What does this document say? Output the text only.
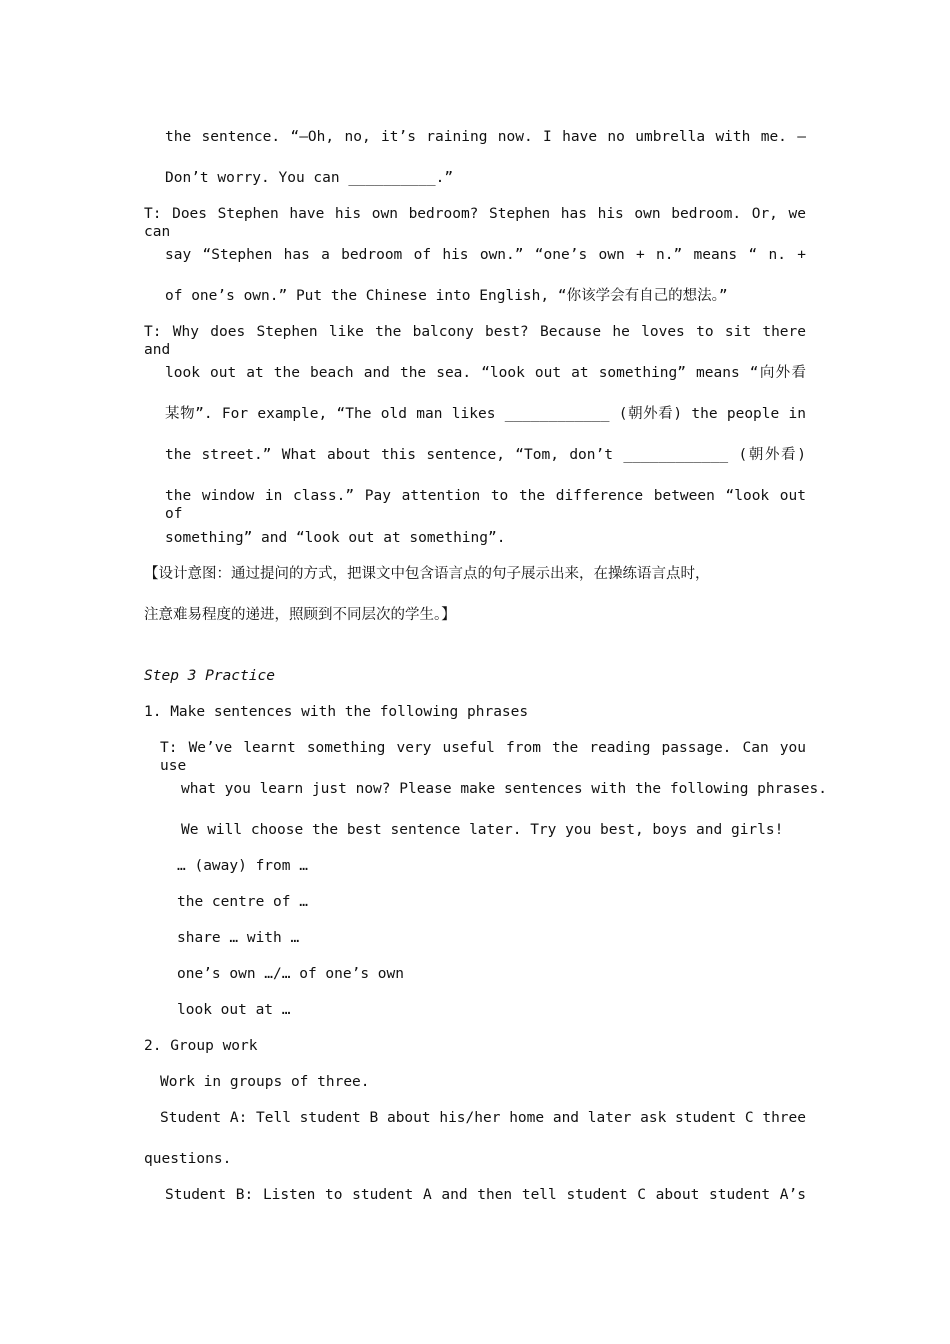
the sentence. “—Oh, no, it’s raining now. I have no umbrella with me. —
Don’t worry. You can __________.”
T: Does Stephen have his own bedroom? Stephen has his own bedroom. Or, we can
say “Stephen has a bedroom of his own.” “one’s own + n.” means “ n. +
of one’s own.” Put the Chinese into English, “你该学会有自己的想法。”
T: Why does Stephen like the balcony best? Because he loves to sit there and
look out at the beach and the sea. “look out at something” means “向外看
某物”. For example, “The old man likes ____________ (朝外看) the people in
the street.” What about this sentence, “Tom, don’t ____________ (朝外看)
the window in class.” Pay attention to the difference between “look out of
something” and “look out at something”.
【设计意图：通过提问的方式，把课文中包含语言点的句子展示出来，在操练语言点时，
注意难易程度的递进，照顾到不同层次的学生。】
Step 3 Practice
1. Make sentences with the following phrases
T: We’ve learnt something very useful from the reading passage. Can you use
what you learn just now? Please make sentences with the following phrases.
We will choose the best sentence later. Try you best, boys and girls!
… (away) from …
the centre of …
share … with …
one’s own …/… of one’s own
look out at …
2. Group work
Work in groups of three.
Student A: Tell student B about his/her home and later ask student C three
questions.
Student B: Listen to student A and then tell student C about student A’s
